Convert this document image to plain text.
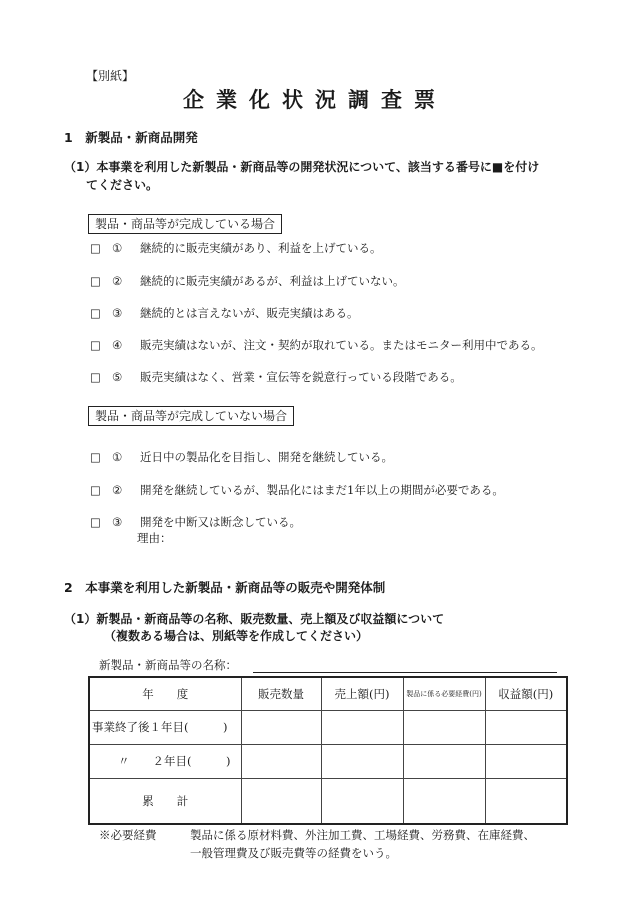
【別紙】
企業化状況調査票
1　新製品・新商品開発
（1）本事業を利用した新製品・新商品等の開発状況について、該当する番号に■を付け
てください。
製品・商品等が完成している場合
□ ① 継続的に販売実績があり、利益を上げている。
□ ② 継続的に販売実績があるが、利益は上げていない。
□ ③ 継続的とは言えないが、販売実績はある。
□ ④ 販売実績はないが、注文・契約が取れている。またはモニター利用中である。
□ ⑤ 販売実績はなく、営業・宣伝等を鋭意行っている段階である。
製品・商品等が完成していない場合
□ ① 近日中の製品化を目指し、開発を継続している。
□ ② 開発を継続しているが、製品化にはまだ1年以上の期間が必要である。
□ ③ 開発を中断又は断念している。
理由：
2　本事業を利用した新製品・新商品等の販売や開発体制
（1）新製品・新商品等の名称、販売数量、売上額及び収益額について
（複数ある場合は、別紙等を作成してください）
新製品・新商品等の名称：
年　　度	販売数量	売上額(円)	製品に係る必要経費(円)	収益額(円)
事業終了後１年目(　　　)				
〃　　２年目(　　　)				
累　　計				
※必要経費	製品に係る原材料費、外注加工費、工場経費、労務費、在庫経費、
一般管理費及び販売費等の経費をいう。
